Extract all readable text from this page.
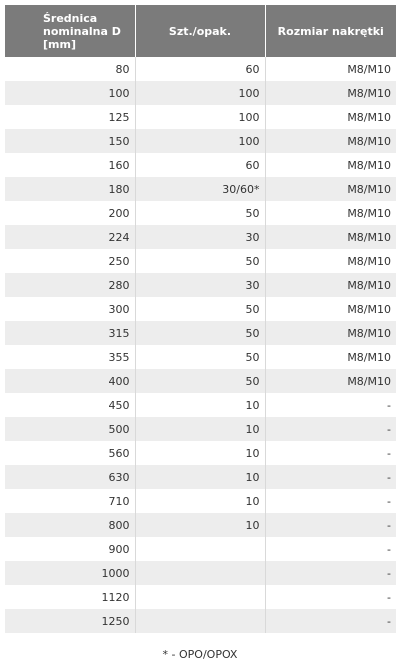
Średnica
nominalna D
[mm]	Szt./opak.	Rozmiar nakrętki
80	60	M8/M10
100	100	M8/M10
125	100	M8/M10
150	100	M8/M10
160	60	M8/M10
180	30/60*	M8/M10
200	50	M8/M10
224	30	M8/M10
250	50	M8/M10
280	30	M8/M10
300	50	M8/M10
315	50	M8/M10
355	50	M8/M10
400	50	M8/M10
450	10	-
500	10	-
560	10	-
630	10	-
710	10	-
800	10	-
900		-
1000		-
1120		-
1250		-
* - OPO/OPOX
